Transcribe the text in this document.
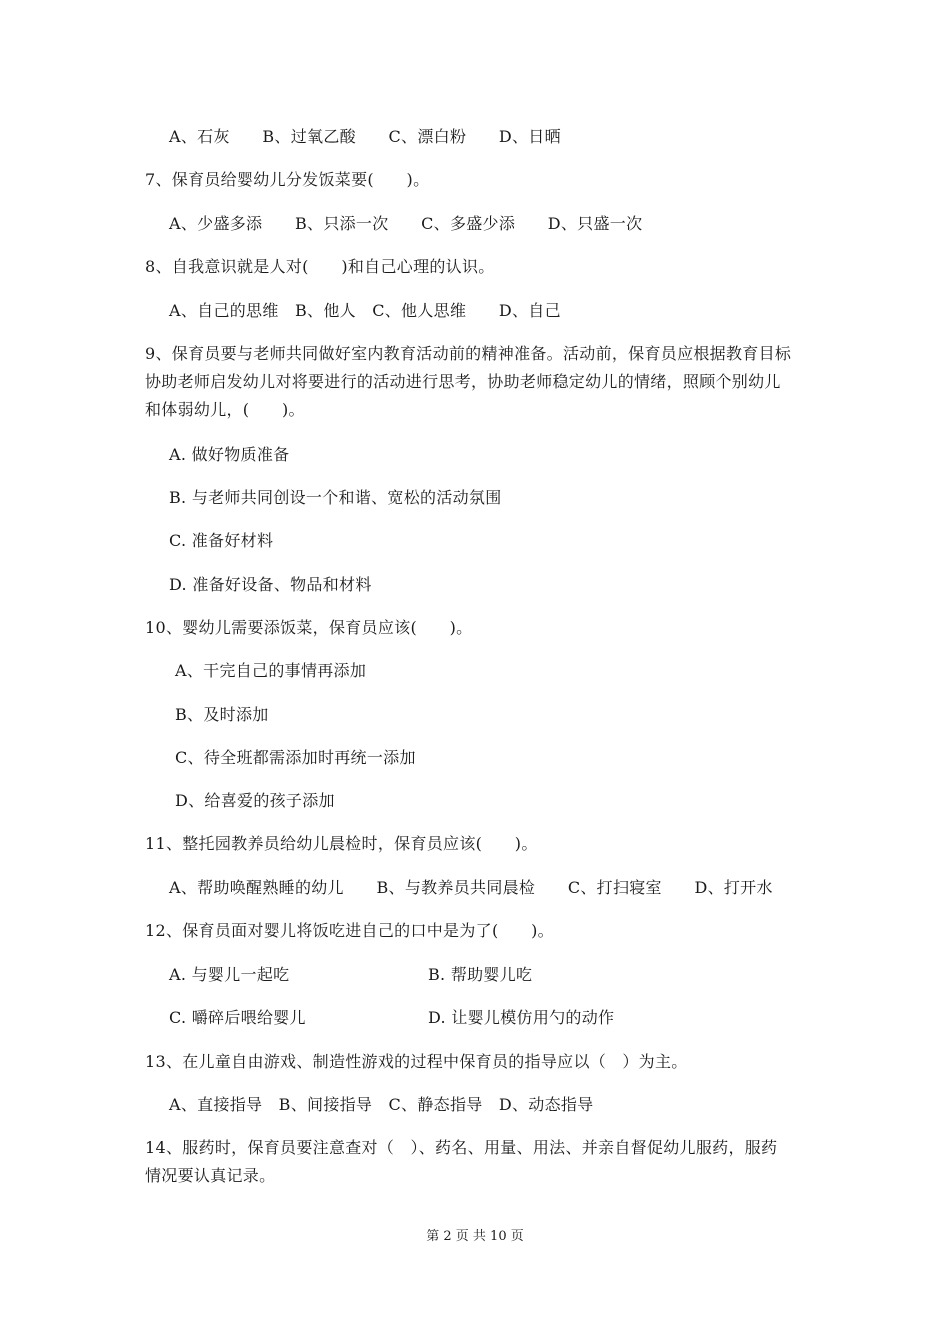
A、石灰　　B、过氧乙酸　　C、漂白粉　　D、日晒
7、保育员给婴幼儿分发饭菜要(　　)。
A、少盛多添　　B、只添一次　　C、多盛少添　　D、只盛一次
8、自我意识就是人对(　　)和自己心理的认识。
A、自己的思维　B、他人　C、他人思维　　D、自己
9、保育员要与老师共同做好室内教育活动前的精神准备。活动前，保育员应根据教育目标
协助老师启发幼儿对将要进行的活动进行思考，协助老师稳定幼儿的情绪，照顾个别幼儿
和体弱幼儿，(　　)。
A. 做好物质准备
B. 与老师共同创设一个和谐、宽松的活动氛围
C. 准备好材料
D. 准备好设备、物品和材料
10、婴幼儿需要添饭菜，保育员应该(　　)。
A、干完自己的事情再添加
B、及时添加
C、待全班都需添加时再统一添加
D、给喜爱的孩子添加
11、整托园教养员给幼儿晨检时，保育员应该(　　)。
A、帮助唤醒熟睡的幼儿　　B、与教养员共同晨检　　C、打扫寝室　　D、打开水
12、保育员面对婴儿将饭吃进自己的口中是为了(　　)。
A. 与婴儿一起吃	B. 帮助婴儿吃
C. 嚼碎后喂给婴儿	D. 让婴儿模仿用勺的动作
13、在儿童自由游戏、制造性游戏的过程中保育员的指导应以（　）为主。
A、直接指导　B、间接指导　C、静态指导　D、动态指导
14、服药时，保育员要注意查对（　）、药名、用量、用法、并亲自督促幼儿服药，服药
情况要认真记录。
第 2 页 共 10 页
